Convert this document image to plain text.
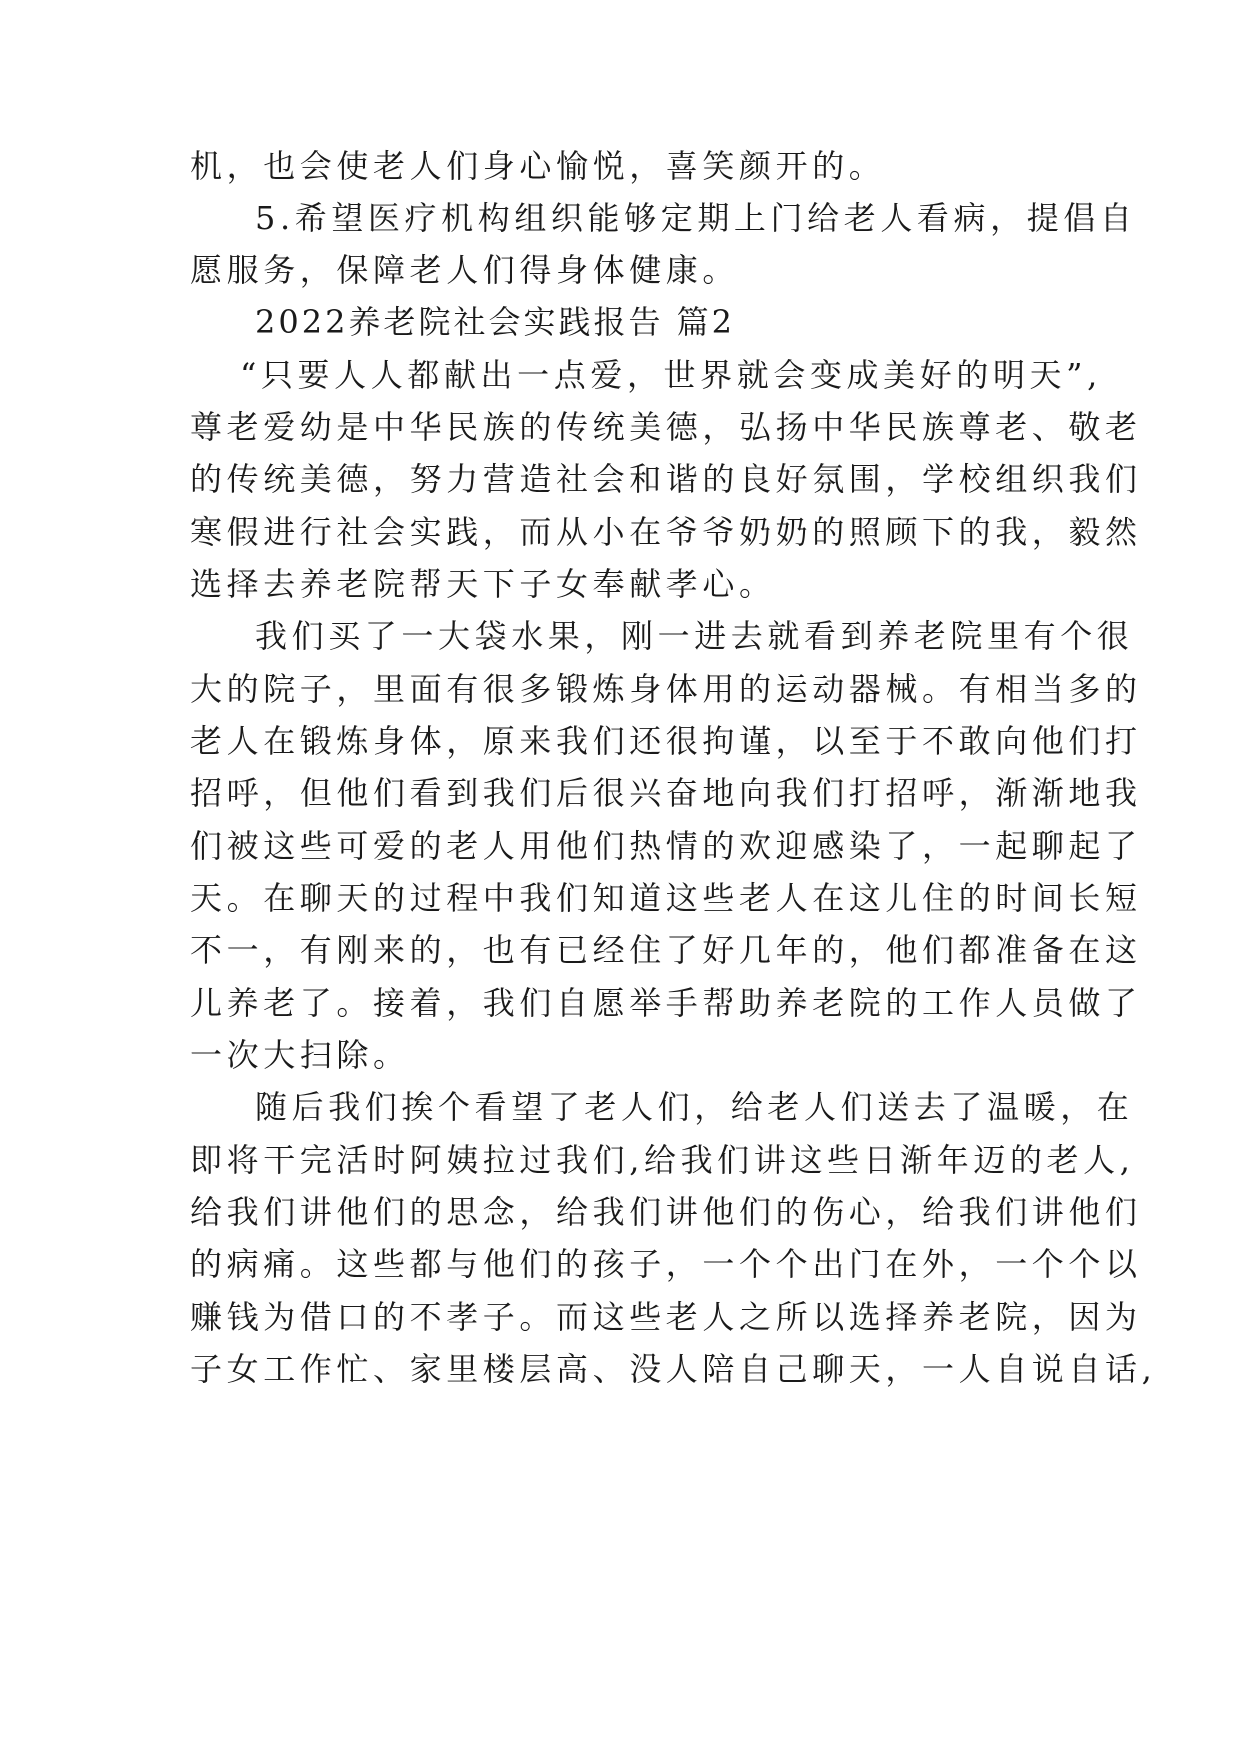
机，也会使老人们身心愉悦，喜笑颜开的。
5.希望医疗机构组织能够定期上门给老人看病，提倡自
愿服务，保障老人们得身体健康。
2022养老院社会实践报告 篇2
“只要人人都献出一点爱，世界就会变成美好的明天”,
尊老爱幼是中华民族的传统美德，弘扬中华民族尊老、敬老
的传统美德，努力营造社会和谐的良好氛围，学校组织我们
寒假进行社会实践，而从小在爷爷奶奶的照顾下的我，毅然
选择去养老院帮天下子女奉献孝心。
我们买了一大袋水果，刚一进去就看到养老院里有个很
大的院子，里面有很多锻炼身体用的运动器械。有相当多的
老人在锻炼身体，原来我们还很拘谨，以至于不敢向他们打
招呼，但他们看到我们后很兴奋地向我们打招呼，渐渐地我
们被这些可爱的老人用他们热情的欢迎感染了，一起聊起了
天。在聊天的过程中我们知道这些老人在这儿住的时间长短
不一，有刚来的，也有已经住了好几年的，他们都准备在这
儿养老了。接着，我们自愿举手帮助养老院的工作人员做了
一次大扫除。
随后我们挨个看望了老人们，给老人们送去了温暖，在
即将干完活时阿姨拉过我们,给我们讲这些日渐年迈的老人,
给我们讲他们的思念，给我们讲他们的伤心，给我们讲他们
的病痛。这些都与他们的孩子，一个个出门在外，一个个以
赚钱为借口的不孝子。而这些老人之所以选择养老院，因为
子女工作忙、家里楼层高、没人陪自己聊天，一人自说自话,
